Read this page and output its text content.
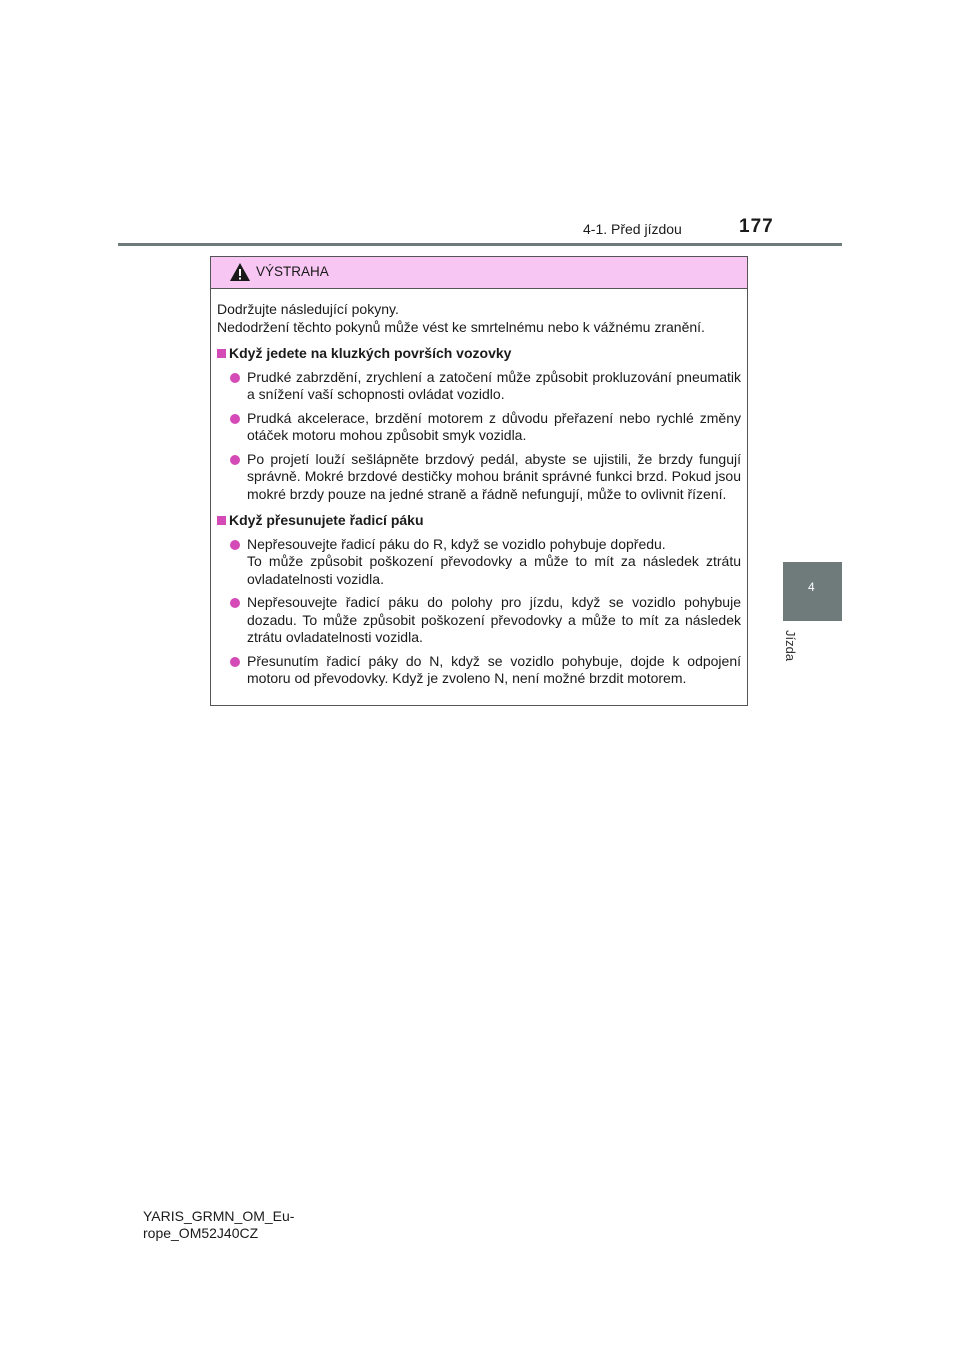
4-1. Před jízdou	177
4
Jízda
VÝSTRAHA

Dodržujte následující pokyny.

Nedodržení těchto pokynů může vést ke smrtelnému nebo k vážnému zranění.

Když jedete na kluzkých površích vozovky
Prudké zabrzdění, zrychlení a zatočení může způsobit prokluzování pneumatik a snížení vaší schopnosti ovládat vozidlo.
Prudká akcelerace, brzdění motorem z důvodu přeřazení nebo rychlé změny otáček motoru mohou způsobit smyk vozidla.
Po projetí louží sešlápněte brzdový pedál, abyste se ujistili, že brzdy fungují správně. Mokré brzdové destičky mohou bránit správné funkci brzd. Pokud jsou mokré brzdy pouze na jedné straně a řádně nefungují, může to ovlivnit řízení.
Když přesunujete řadicí páku
Nepřesouvejte řadicí páku do R, když se vozidlo pohybuje dopředu.
To může způsobit poškození převodovky a může to mít za následek ztrátu ovladatelnosti vozidla.
Nepřesouvejte řadicí páku do polohy pro jízdu, když se vozidlo pohybuje dozadu. To může způsobit poškození převodovky a může to mít za následek ztrátu ovladatelnosti vozidla.
Přesunutím řadicí páky do N, když se vozidlo pohybuje, dojde k odpojení motoru od převodovky. Když je zvoleno N, není možné brzdit motorem.
YARIS_GRMN_OM_Eu-
rope_OM52J40CZ
